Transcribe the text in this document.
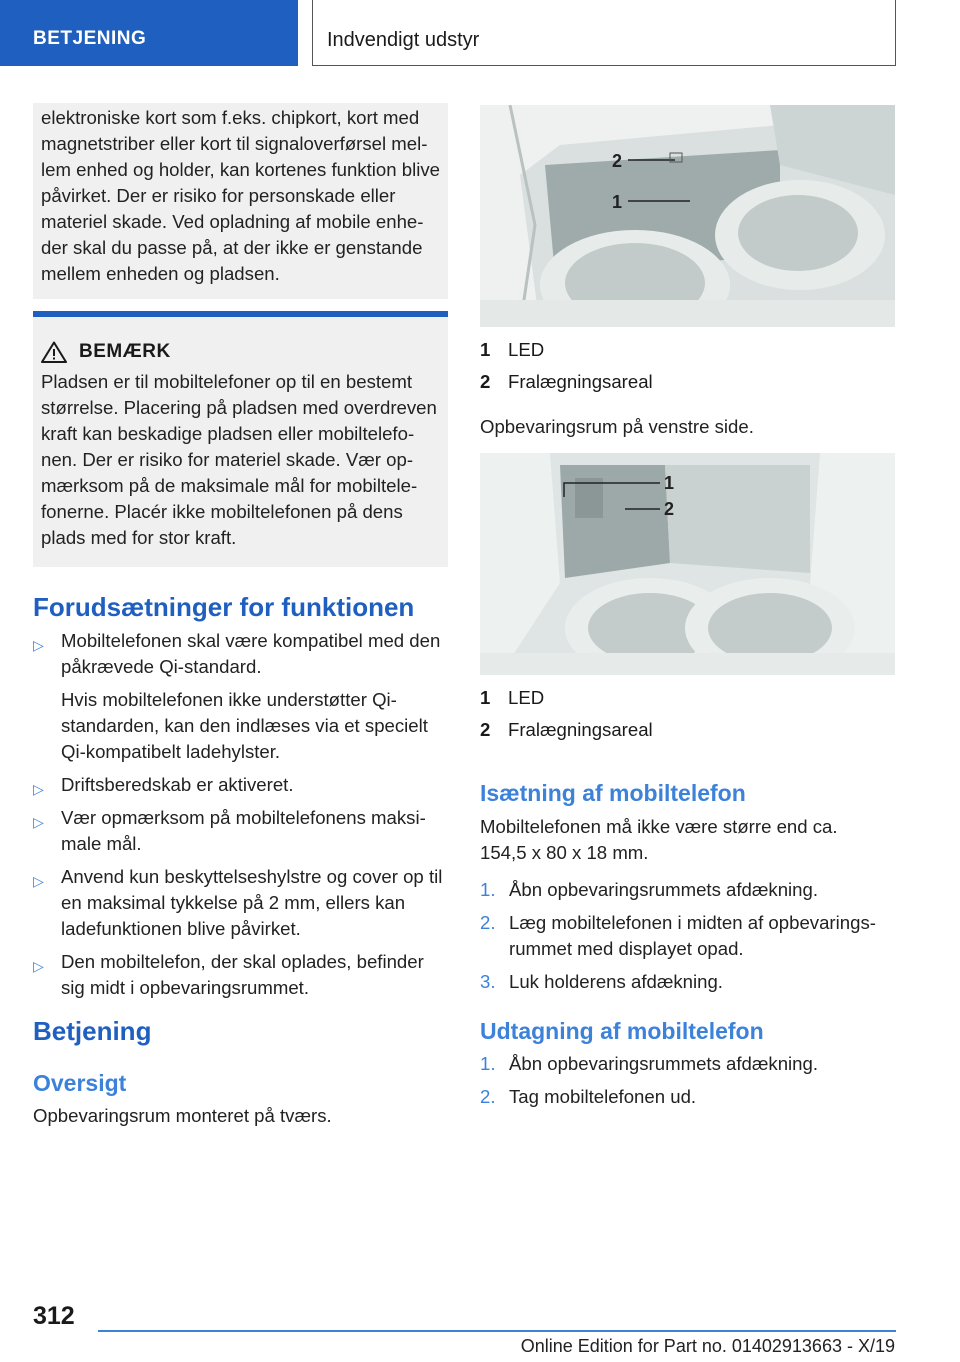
BETJENING	Indvendigt udstyr

elektroniske kort som f.eks. chipkort, kort med magnetstriber eller kort til signaloverførsel mellem enhed og holder, kan kortenes funktion blive påvirket. Der er risiko for personskade eller materiel skade. Ved opladning af mobile enheder skal du passe på, at der ikke er genstande mellem enheden og pladsen.

BEMÆRK

Pladsen er til mobiltelefoner op til en bestemt størrelse. Placering på pladsen med overdreven kraft kan beskadige pladsen eller mobiltelefonen. Der er risiko for materiel skade. Vær opmærksom på de maksimale mål for mobiltelefonerne. Placér ikke mobiltelefonen på dens plads med for stor kraft.

Forudsætninger for funktionen
▷ Mobiltelefonen skal være kompatibel med den påkrævede Qi-standard.
Hvis mobiltelefonen ikke understøtter Qi-standarden, kan den indlæses via et specielt Qi-kompatibelt ladehylster.
▷ Driftsberedskab er aktiveret.
▷ Vær opmærksom på mobiltelefonens maksimale mål.
▷ Anvend kun beskyttelseshylstre og cover op til en maksimal tykkelse på 2 mm, ellers kan ladefunktionen blive påvirket.
▷ Den mobiltelefon, der skal oplades, befinder sig midt i opbevaringsrummet.
Betjening
Oversigt
Opbevaringsrum monteret på tværs.
2
1
1 LED
2 Fralægningsareal
Opbevaringsrum på venstre side.
1
2
1 LED
2 Fralægningsareal
Isætning af mobiltelefon
Mobiltelefonen må ikke være større end ca. 154,5 x 80 x 18 mm.
1. Åbn opbevaringsrummets afdækning.
2. Læg mobiltelefonen i midten af opbevaringsrummet med displayet opad.
3. Luk holderens afdækning.
Udtagning af mobiltelefon
1. Åbn opbevaringsrummets afdækning.
2. Tag mobiltelefonen ud.
312
Online Edition for Part no. 01402913663 - X/19
